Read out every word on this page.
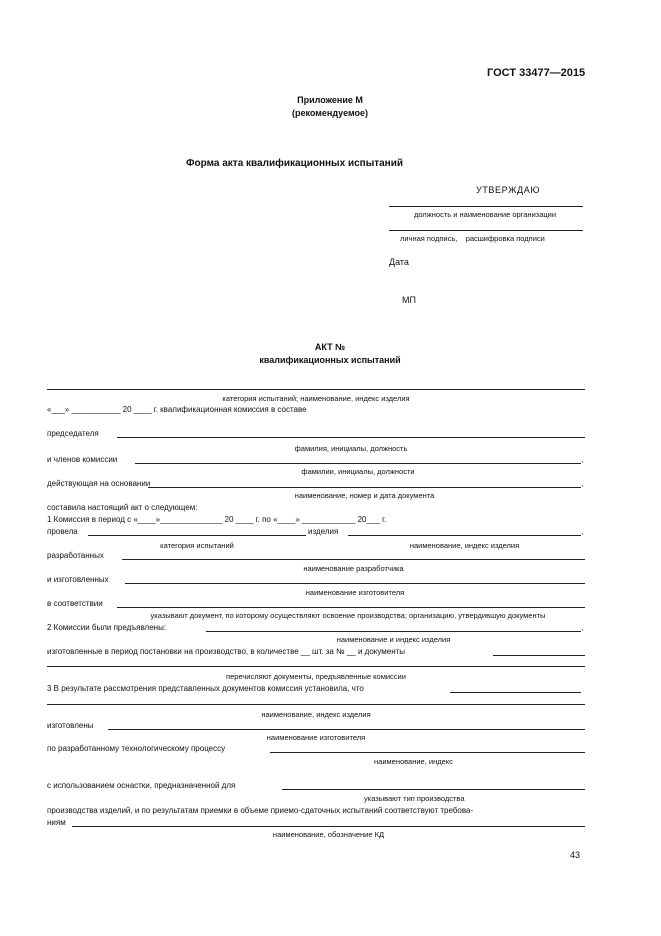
ГОСТ 33477—2015
Приложение М
(рекомендуемое)
Форма акта квалификационных испытаний
УТВЕРЖДАЮ
должность и наименование организации
личная подпись,    расшифровка подписи
Дата
МП
АКТ №
квалификационных испытаний
категория испытаний; наименование, индекс изделия
«___» ___________ 20 ____ г. квалификационная комиссия в составе
председателя
фамилия, инициалы, должность
и членов комиссии	,
фамилии, инициалы, должности
действующая на основании	,
наименование, номер и дата документа
составила настоящий акт о следующем:
1 Комиссия в период с «____»______________ 20 ____ г. по «____» ____________ 20___ г.
провела	изделия	,
категория испытаний	наименование, индекс изделия
разработанных
наименование разработчика
и изготовленных
наименование изготовителя
в соответствии
указывают документ, по которому осуществляют освоение производства; организацию, утвердившую документы
2 Комиссии были предъявлены:	,
наименование и индекс изделия
изготовленные в период постановки на производство, в количестве __ шт. за № __ и документы
перечисляют документы, предъявленные комиссии
3 В результате рассмотрения представленных документов комиссия установила, что
наименование, индекс изделия
изготовлены
наименование изготовителя
по разработанному технологическому процессу
наименование, индекс
с использованием оснастки, предназначенной для
указывают тип производства
производства изделий, и по результатам приемки в объеме приемо-сдаточных испытаний соответствуют требова-
ниям
наименование, обозначение КД
43
